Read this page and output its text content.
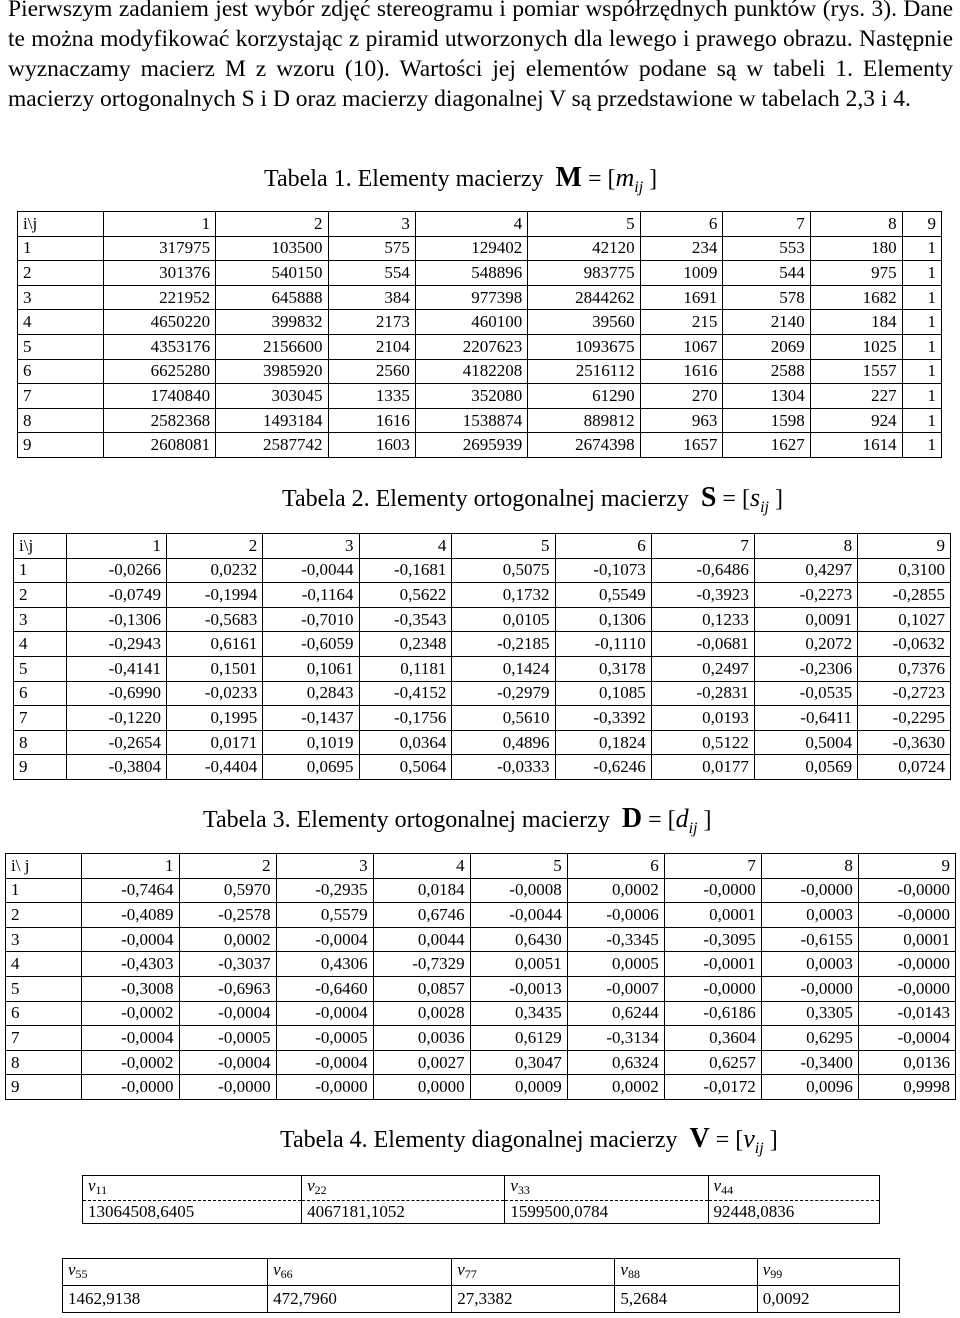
Pierwszym zadaniem jest wybór zdjęć stereogramu i pomiar współrzędnych punktów (rys. 3). Dane te można modyfikować korzystając z piramid utworzonych dla lewego i prawego obrazu. Następnie wyznaczamy macierz M z wzoru (10). Wartości jej elementów podane są w tabeli 1. Elementy macierzy ortogonalnych S i D oraz macierzy diagonalnej V są przedstawione w tabelach 2,3 i 4.

Tabela 1. Elementy macierzy $M = [m_{ij}$ ]
i\j	1	2	3	4	5	6	7	8	9
1	317975	103500	575	129402	42120	234	553	180	1
2	301376	540150	554	548896	983775	1009	544	975	1
3	221952	645888	384	977398	2844262	1691	578	1682	1
4	4650220	399832	2173	460100	39560	215	2140	184	1
5	4353176	2156600	2104	2207623	1093675	1067	2069	1025	1
6	6625280	3985920	2560	4182208	2516112	1616	2588	1557	1
7	1740840	303045	1335	352080	61290	270	1304	227	1
8	2582368	1493184	1616	1538874	889812	963	1598	924	1
9	2608081	2587742	1603	2695939	2674398	1657	1627	1614	1
Tabela 2. Elementy ortogonalnej macierzy $S = [s_{ij}$ ]
i\j	1	2	3	4	5	6	7	8	9
1	-0,0266	0,0232	-0,0044	-0,1681	0,5075	-0,1073	-0,6486	0,4297	0,3100
2	-0,0749	-0,1994	-0,1164	0,5622	0,1732	0,5549	-0,3923	-0,2273	-0,2855
3	-0,1306	-0,5683	-0,7010	-0,3543	0,0105	0,1306	0,1233	0,0091	0,1027
4	-0,2943	0,6161	-0,6059	0,2348	-0,2185	-0,1110	-0,0681	0,2072	-0,0632
5	-0,4141	0,1501	0,1061	0,1181	0,1424	0,3178	0,2497	-0,2306	0,7376
6	-0,6990	-0,0233	0,2843	-0,4152	-0,2979	0,1085	-0,2831	-0,0535	-0,2723
7	-0,1220	0,1995	-0,1437	-0,1756	0,5610	-0,3392	0,0193	-0,6411	-0,2295
8	-0,2654	0,0171	0,1019	0,0364	0,4896	0,1824	0,5122	0,5004	-0,3630
9	-0,3804	-0,4404	0,0695	0,5064	-0,0333	-0,6246	0,0177	0,0569	0,0724
Tabela 3. Elementy ortogonalnej macierzy $D = [d_{ij}$ ]
i\ j	1	2	3	4	5	6	7	8	9
1	-0,7464	0,5970	-0,2935	0,0184	-0,0008	0,0002	-0,0000	-0,0000	-0,0000
2	-0,4089	-0,2578	0,5579	0,6746	-0,0044	-0,0006	0,0001	0,0003	-0,0000
3	-0,0004	0,0002	-0,0004	0,0044	0,6430	-0,3345	-0,3095	-0,6155	0,0001
4	-0,4303	-0,3037	0,4306	-0,7329	0,0051	0,0005	-0,0001	0,0003	-0,0000
5	-0,3008	-0,6963	-0,6460	0,0857	-0,0013	-0,0007	-0,0000	-0,0000	-0,0000
6	-0,0002	-0,0004	-0,0004	0,0028	0,3435	0,6244	-0,6186	0,3305	-0,0143
7	-0,0004	-0,0005	-0,0005	0,0036	0,6129	-0,3134	0,3604	0,6295	-0,0004
8	-0,0002	-0,0004	-0,0004	0,0027	0,3047	0,6324	0,6257	-0,3400	0,0136
9	-0,0000	-0,0000	-0,0000	0,0000	0,0009	0,0002	-0,0172	0,0096	0,9998
Tabela 4. Elementy diagonalnej macierzy $V = [v_{ij}$ ]
$v_{11}$	$v_{22}$	$v_{33}$	$v_{44}$
13064508,6405	4067181,1052	1599500,0784	92448,0836
$v_{55}$	$v_{66}$	$v_{77}$	$v_{88}$	$v_{99}$
1462,9138	472,7960	27,3382	5,2684	0,0092
